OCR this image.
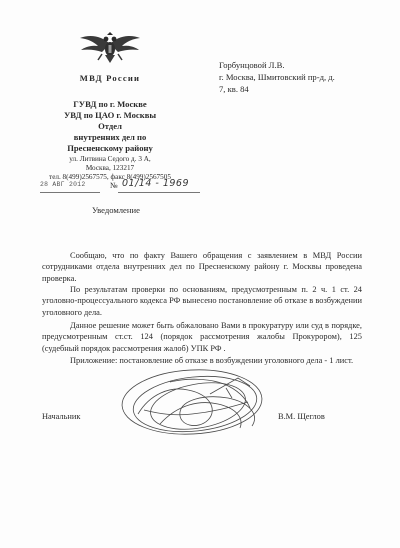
МВД России
ГУВД по г. Москве
УВД по ЦАО г. Москвы
Отдел
внутренних дел по
Пресненскому району
ул. Литвина Седого д. 3 А,
Москва, 123217
тел. 8(499)2567575, факс 8(499)2567505
28 АВГ 2012	№ 01/14 - 1969
Горбунцовой Л.В.
г. Москва, Шмитовский пр-д, д.
7, кв. 84
Уведомление
Сообщаю, что по факту Вашего обращения с заявлением в МВД России сотрудниками отдела внутренних дел по Пресненскому району г. Москвы проведена проверка.
По результатам проверки по основаниям, предусмотренным п. 2 ч. 1 ст. 24 уголовно-процессуального кодекса РФ вынесено постановление об отказе в возбуждении уголовного дела.
Данное решение может быть обжаловано Вами в прокуратуру или суд в порядке, предусмотренным ст.ст. 124 (порядок рассмотрения жалобы Прокурором), 125 (судебный порядок рассмотрения жалоб) УПК РФ .
Приложение: постановление об отказе в возбуждении уголовного дела - 1 лист.
Начальник	В.М. Щеглов
